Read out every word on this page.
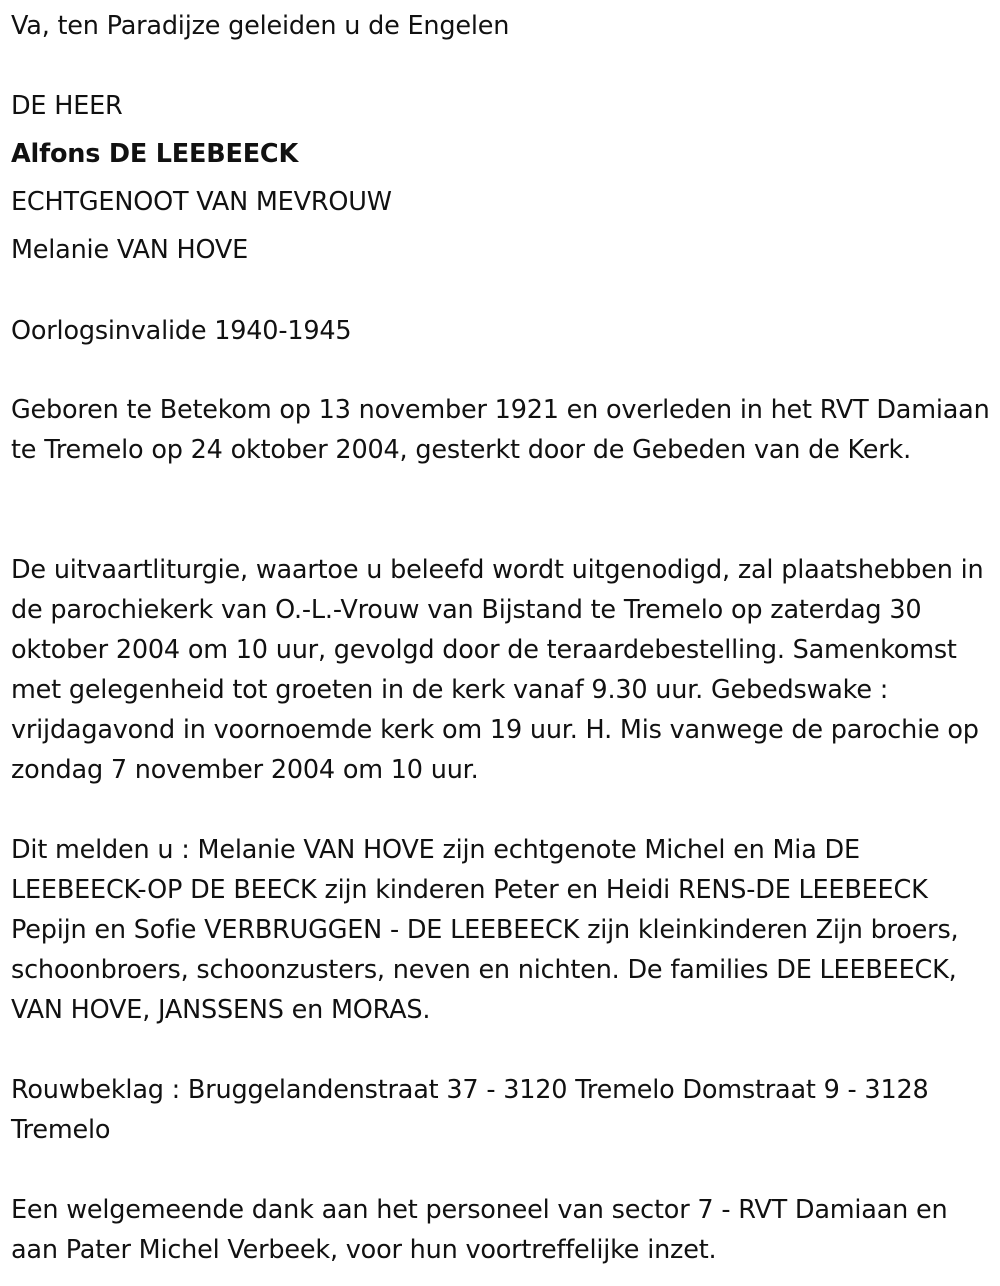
Va, ten Paradijze geleiden u de Engelen
DE HEER
Alfons DE LEEBEECK
ECHTGENOOT VAN MEVROUW
Melanie VAN HOVE
Oorlogsinvalide 1940-1945

Geboren te Betekom op 13 november 1921 en overleden in het RVT Damiaan te Tremelo op 24 oktober 2004, gesterkt door de Gebeden van de Kerk.

De uitvaartliturgie, waartoe u beleefd wordt uitgenodigd, zal plaatshebben in de parochiekerk van O.-L.-Vrouw van Bijstand te Tremelo op zaterdag 30 oktober 2004 om 10 uur, gevolgd door de teraardebestelling. Samenkomst met gelegenheid tot groeten in de kerk vanaf 9.30 uur. Gebedswake : vrijdagavond in voornoemde kerk om 19 uur. H. Mis vanwege de parochie op zondag 7 november 2004 om 10 uur.

Dit melden u : Melanie VAN HOVE zijn echtgenote Michel en Mia DE LEEBEECK-OP DE BEECK zijn kinderen Peter en Heidi RENS-DE LEEBEECK Pepijn en Sofie VERBRUGGEN - DE LEEBEECK zijn kleinkinderen Zijn broers, schoonbroers, schoonzusters, neven en nichten. De families DE LEEBEECK, VAN HOVE, JANSSENS en MORAS.

Rouwbeklag : Bruggelandenstraat 37 - 3120 Tremelo Domstraat 9 - 3128 Tremelo

Een welgemeende dank aan het personeel van sector 7 - RVT Damiaan en aan Pater Michel Verbeek, voor hun voortreffelijke inzet.
